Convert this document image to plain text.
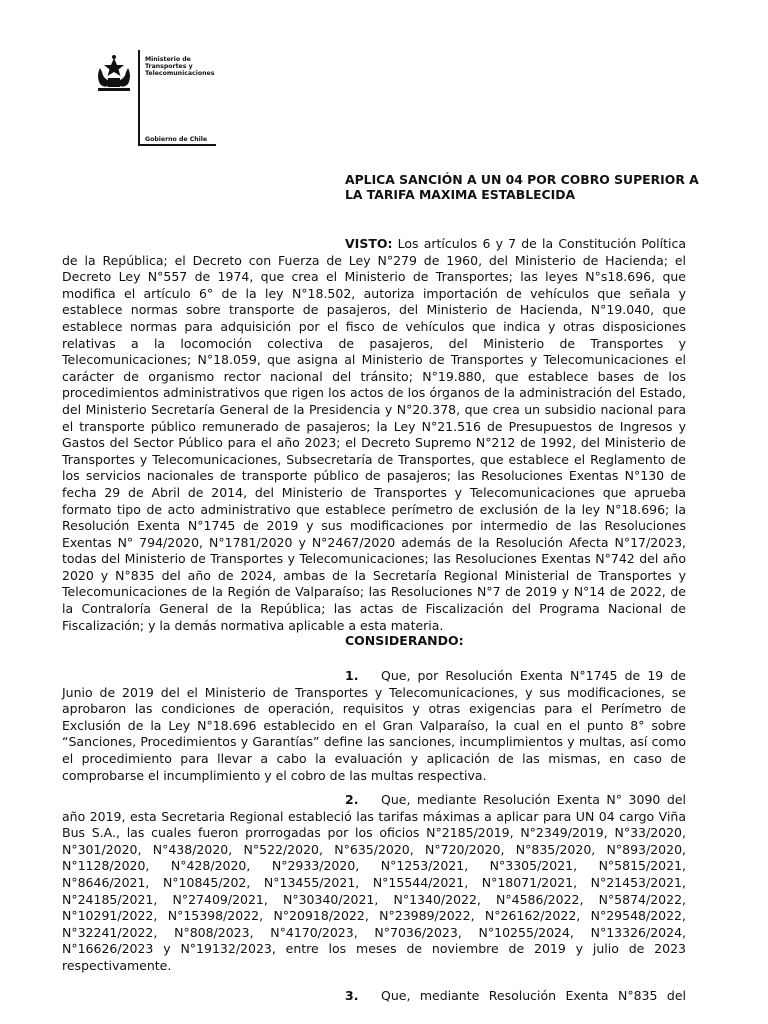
Ministerio de
Transportes y
Telecomunicaciones
Gobierno de Chile
APLICA SANCIÓN A UN 04 POR COBRO SUPERIOR A
LA TARIFA MAXIMA ESTABLECIDA
VISTO: Los artículos 6 y 7 de la Constitución Política de la República; el Decreto con Fuerza de Ley N°279 de 1960, del Ministerio de Hacienda; el Decreto Ley N°557 de 1974, que crea el Ministerio de Transportes; las leyes N°s18.696, que modifica el artículo 6° de la ley N°18.502, autoriza importación de vehículos que señala y establece normas sobre transporte de pasajeros, del Ministerio de Hacienda, N°19.040, que establece normas para adquisición por el fisco de vehículos que indica y otras disposiciones relativas a la locomoción colectiva de pasajeros, del Ministerio de Transportes y Telecomunicaciones; N°18.059, que asigna al Ministerio de Transportes y Telecomunicaciones el carácter de organismo rector nacional del tránsito; N°19.880, que establece bases de los procedimientos administrativos que rigen los actos de los órganos de la administración del Estado, del Ministerio Secretaría General de la Presidencia y N°20.378, que crea un subsidio nacional para el transporte público remunerado de pasajeros; la Ley N°21.516 de Presupuestos de Ingresos y Gastos del Sector Público para el año 2023; el Decreto Supremo N°212 de 1992, del Ministerio de Transportes y Telecomunicaciones, Subsecretaría de Transportes, que establece el Reglamento de los servicios nacionales de transporte público de pasajeros; las Resoluciones Exentas N°130 de fecha 29 de Abril de 2014, del Ministerio de Transportes y Telecomunicaciones que aprueba formato tipo de acto administrativo que establece perímetro de exclusión de la ley N°18.696; la Resolución Exenta N°1745 de 2019 y sus modificaciones por intermedio de las Resoluciones Exentas N° 794/2020, N°1781/2020 y N°2467/2020 además de la Resolución Afecta N°17/2023, todas del Ministerio de Transportes y Telecomunicaciones; las Resoluciones Exentas N°742 del año 2020 y N°835 del año de 2024, ambas de la Secretaría Regional Ministerial de Transportes y Telecomunicaciones de la Región de Valparaíso; las Resoluciones N°7 de 2019 y N°14 de 2022, de la Contraloría General de la República; las actas de Fiscalización del Programa Nacional de Fiscalización; y la demás normativa aplicable a esta materia.
CONSIDERANDO:
1. Que, por Resolución Exenta N°1745 de 19 de Junio de 2019 del el Ministerio de Transportes y Telecomunicaciones, y sus modificaciones, se aprobaron las condiciones de operación, requisitos y otras exigencias para el Perímetro de Exclusión de la Ley N°18.696 establecido en el Gran Valparaíso, la cual en el punto 8° sobre “Sanciones, Procedimientos y Garantías” define las sanciones, incumplimientos y multas, así como el procedimiento para llevar a cabo la evaluación y aplicación de las mismas, en caso de comprobarse el incumplimiento y el cobro de las multas respectiva.
2. Que, mediante Resolución Exenta N° 3090 del año 2019, esta Secretaria Regional estableció las tarifas máximas a aplicar para UN 04 cargo Viña Bus S.A., las cuales fueron prorrogadas por los oficios N°2185/2019, N°2349/2019, N°33/2020, N°301/2020, N°438/2020, N°522/2020, N°635/2020, N°720/2020, N°835/2020, N°893/2020, N°1128/2020, N°428/2020, N°2933/2020, N°1253/2021, N°3305/2021, N°5815/2021, N°8646/2021, N°10845/202, N°13455/2021, N°15544/2021, N°18071/2021, N°21453/2021, N°24185/2021, N°27409/2021, N°30340/2021, N°1340/2022, N°4586/2022, N°5874/2022, N°10291/2022, N°15398/2022, N°20918/2022, N°23989/2022, N°26162/2022, N°29548/2022, N°32241/2022, N°808/2023, N°4170/2023, N°7036/2023, N°10255/2024, N°13326/2024, N°16626/2023 y N°19132/2023, entre los meses de noviembre de 2019 y julio de 2023 respectivamente.
3. Que, mediante Resolución Exenta N°835 del
